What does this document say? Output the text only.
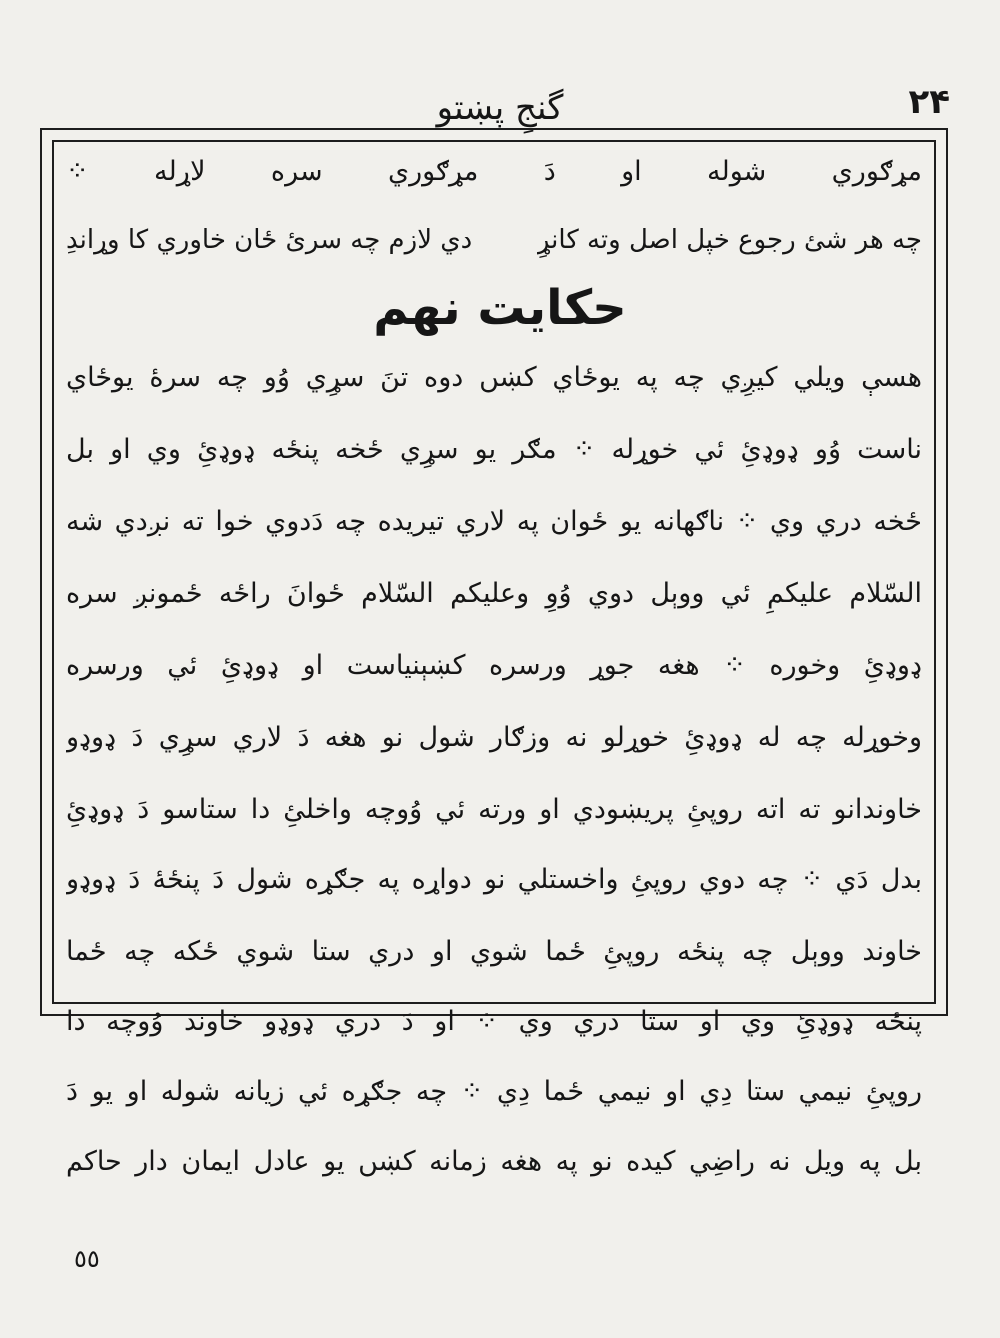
گنجِ پښتو	۲۴
مړګوري شوله او دَ مړګوري سره لاړله ⁘
چه هر شئ رجوع خپل اصل وته کانړِ
دي لازم چه سرئ ځان خاوري کا وړاندِ
حکایت نهم
هسې ويلي کيږِي چه په يوځاي کښں دوه تنَ سړِي وُو چه سرهٔ يوځاي
ناست وُو ډوډئِ ئي خوړله ⁘ مګر يو سړِي ځخه پنځه ډوډئِ وي او بل
ځخه دري وي ⁘ ناګهانه يو ځوان په لاري تيريده چه دَدوي خوا ته نږدي شه
السّلام عليکمِ ئي ووېل دوي وُوِ وعليکم السّلام ځوانَ راځه ځمونږ سره
ډوډئِ وخوره ⁘ هغه جوړ ورسره کښېنياست او ډوډئِ ئي ورسره
وخوړله چه له ډوډئِ خوړلو نه وزګار شول نو هغه دَ لاري سړِي دَ ډوډو
خاوندانو ته اته روپئِ پريښودي او ورته ئي وُوچه واخلئِ دا ستاسو دَ ډوډئِ
بدل دَي ⁘ چه دوي روپئِ واخستلي نو دواړه په جګړه شول دَ پنځهٔ دَ ډوډو
خاوند ووېل چه پنځه روپئِ ځما شوي او دري ستا شوي ځکه چه ځما
پنځه ډوډئِ وي او ستا دري وي ⁘ او دَ دري ډوډو خاوند وُوچه دا
روپئِ نيمي ستا دِي او نيمي ځما دِي ⁘ چه جګړه ئي زيانه شوله او يو دَ
بل په ويل نه راضِي کيده نو په هغه زمانه کښں يو عادل ايمان دار حاکم
٥٥
